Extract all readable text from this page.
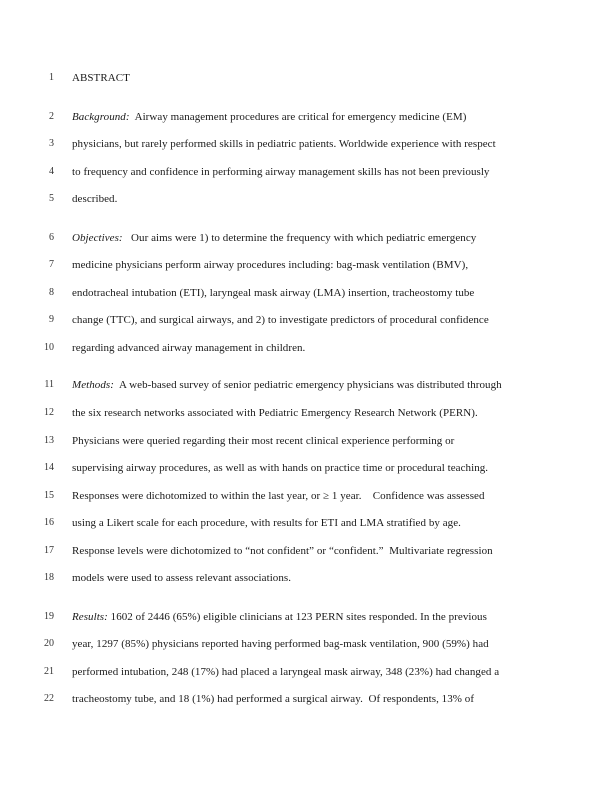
1 ABSTRACT
2 Background: Airway management procedures are critical for emergency medicine (EM)
3 physicians, but rarely performed skills in pediatric patients. Worldwide experience with respect
4 to frequency and confidence in performing airway management skills has not been previously
5 described.
6 Objectives: Our aims were 1) to determine the frequency with which pediatric emergency
7 medicine physicians perform airway procedures including: bag-mask ventilation (BMV),
8 endotracheal intubation (ETI), laryngeal mask airway (LMA) insertion, tracheostomy tube
9 change (TTC), and surgical airways, and 2) to investigate predictors of procedural confidence
10 regarding advanced airway management in children.
11 Methods: A web-based survey of senior pediatric emergency physicians was distributed through
12 the six research networks associated with Pediatric Emergency Research Network (PERN).
13 Physicians were queried regarding their most recent clinical experience performing or
14 supervising airway procedures, as well as with hands on practice time or procedural teaching.
15 Responses were dichotomized to within the last year, or ≥ 1 year.    Confidence was assessed
16 using a Likert scale for each procedure, with results for ETI and LMA stratified by age.
17 Response levels were dichotomized to “not confident” or “confident.”  Multivariate regression
18 models were used to assess relevant associations.
19 Results: 1602 of 2446 (65%) eligible clinicians at 123 PERN sites responded. In the previous
20 year, 1297 (85%) physicians reported having performed bag-mask ventilation, 900 (59%) had
21 performed intubation, 248 (17%) had placed a laryngeal mask airway, 348 (23%) had changed a
22 tracheostomy tube, and 18 (1%) had performed a surgical airway.  Of respondents, 13% of
